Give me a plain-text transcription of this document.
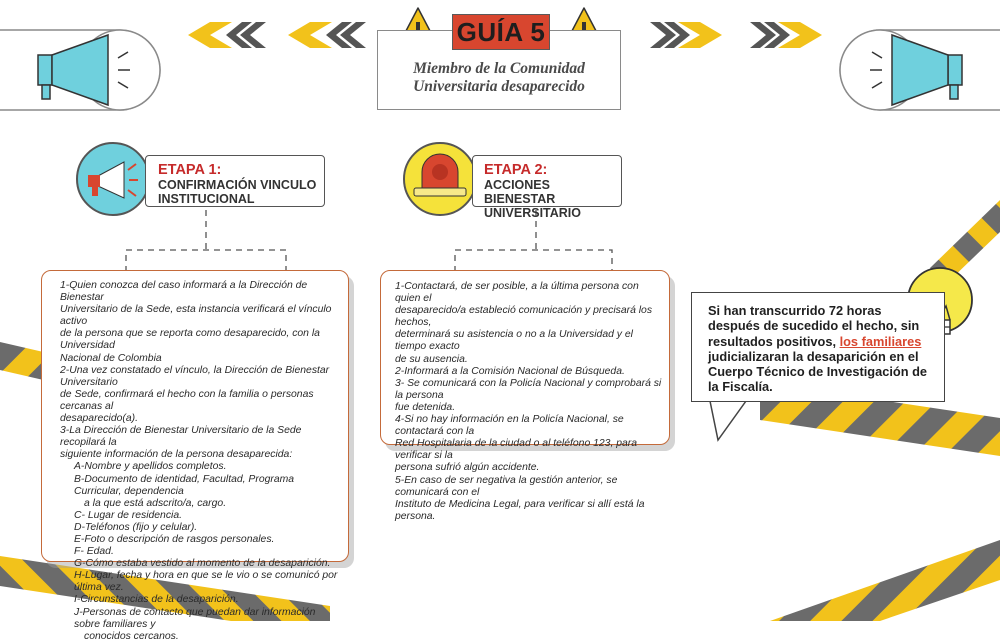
GUÍA 5
Miembro de la Comunidad
Universitaria desaparecido
ETAPA 1:
CONFIRMACIÓN VINCULO
INSTITUCIONAL
ETAPA 2:
ACCIONES BIENESTAR
UNIVERSITARIO

1-Quien conozca del caso informará a la Dirección de Bienestar

Universitario de la Sede, esta instancia verificará el vínculo activo

de la persona que se reporta como desaparecido, con la Universidad

Nacional de Colombia

2-Una vez constatado el vínculo, la Dirección de Bienestar Universitario

de Sede, confirmará el hecho con la familia o personas cercanas al

desaparecido(a).

3-La Dirección de Bienestar Universitario de la Sede recopilará la

siguiente información de la persona desaparecida:

A-Nombre y apellidos completos.

B-Documento de identidad, Facultad, Programa Curricular, dependencia

a la que está adscrito/a, cargo.

C- Lugar de residencia.

D-Teléfonos (fijo y celular).

E-Foto o descripción de rasgos personales.

F- Edad.

G-Cómo estaba vestido al momento de la desaparición.

H-Lugar, fecha y hora en que se le vio o se comunicó por última vez.

I-Circunstancias de la desaparición.

J-Personas de contacto que puedan dar información sobre familiares y

conocidos cercanos.

1-Contactará, de ser posible, a la última persona con quien el

desaparecido/a estableció comunicación y precisará los hechos,

determinará su asistencia o no a la Universidad y el tiempo exacto

de su ausencia.

2-Informará a la Comisión Nacional de Búsqueda.

3- Se comunicará con la Policía Nacional y comprobará si la persona

fue detenida.

4-Si no hay información en la Policía Nacional, se contactará con la

Red Hospitalaria de la ciudad o al teléfono 123, para verificar si la

persona sufrió algún accidente.

5-En caso de ser negativa la gestión anterior, se comunicará con el

Instituto de Medicina Legal, para verificar si allí está la persona.

Si han transcurrido 72 horas después de sucedido el hecho, sin resultados positivos, los familiares judicializaran la desaparición en el Cuerpo Técnico de Investigación de la Fiscalía.
